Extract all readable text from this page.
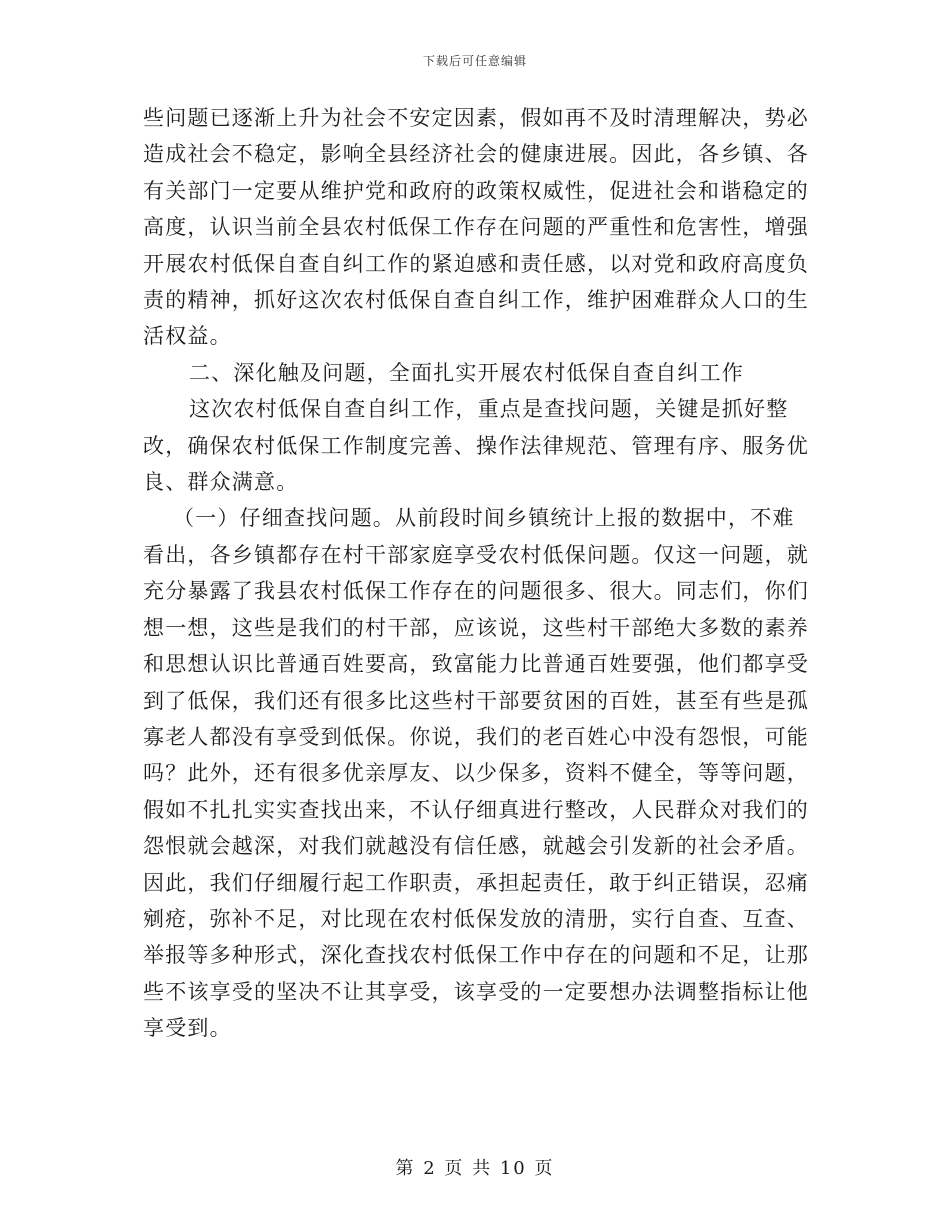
下载后可任意编辑

些问题已逐渐上升为社会不安定因素，假如再不及时清理解决，势必造成社会不稳定，影响全县经济社会的健康进展。因此，各乡镇、各有关部门一定要从维护党和政府的政策权威性，促进社会和谐稳定的高度，认识当前全县农村低保工作存在问题的严重性和危害性，增强开展农村低保自查自纠工作的紧迫感和责任感，以对党和政府高度负责的精神，抓好这次农村低保自查自纠工作，维护困难群众人口的生活权益。

二、深化触及问题，全面扎实开展农村低保自查自纠工作

这次农村低保自查自纠工作，重点是查找问题，关键是抓好整改，确保农村低保工作制度完善、操作法律规范、管理有序、服务优良、群众满意。

（一）仔细查找问题。从前段时间乡镇统计上报的数据中，不难看出，各乡镇都存在村干部家庭享受农村低保问题。仅这一问题，就充分暴露了我县农村低保工作存在的问题很多、很大。同志们，你们想一想，这些是我们的村干部，应该说，这些村干部绝大多数的素养和思想认识比普通百姓要高，致富能力比普通百姓要强，他们都享受到了低保，我们还有很多比这些村干部要贫困的百姓，甚至有些是孤寡老人都没有享受到低保。你说，我们的老百姓心中没有怨恨，可能吗？此外，还有很多优亲厚友、以少保多，资料不健全，等等问题，假如不扎扎实实查找出来，不认仔细真进行整改，人民群众对我们的怨恨就会越深，对我们就越没有信任感，就越会引发新的社会矛盾。因此，我们仔细履行起工作职责，承担起责任，敢于纠正错误，忍痛剜疮，弥补不足，对比现在农村低保发放的清册，实行自查、互查、举报等多种形式，深化查找农村低保工作中存在的问题和不足，让那些不该享受的坚决不让其享受，该享受的一定要想办法调整指标让他享受到。

第 2 页 共 10 页
